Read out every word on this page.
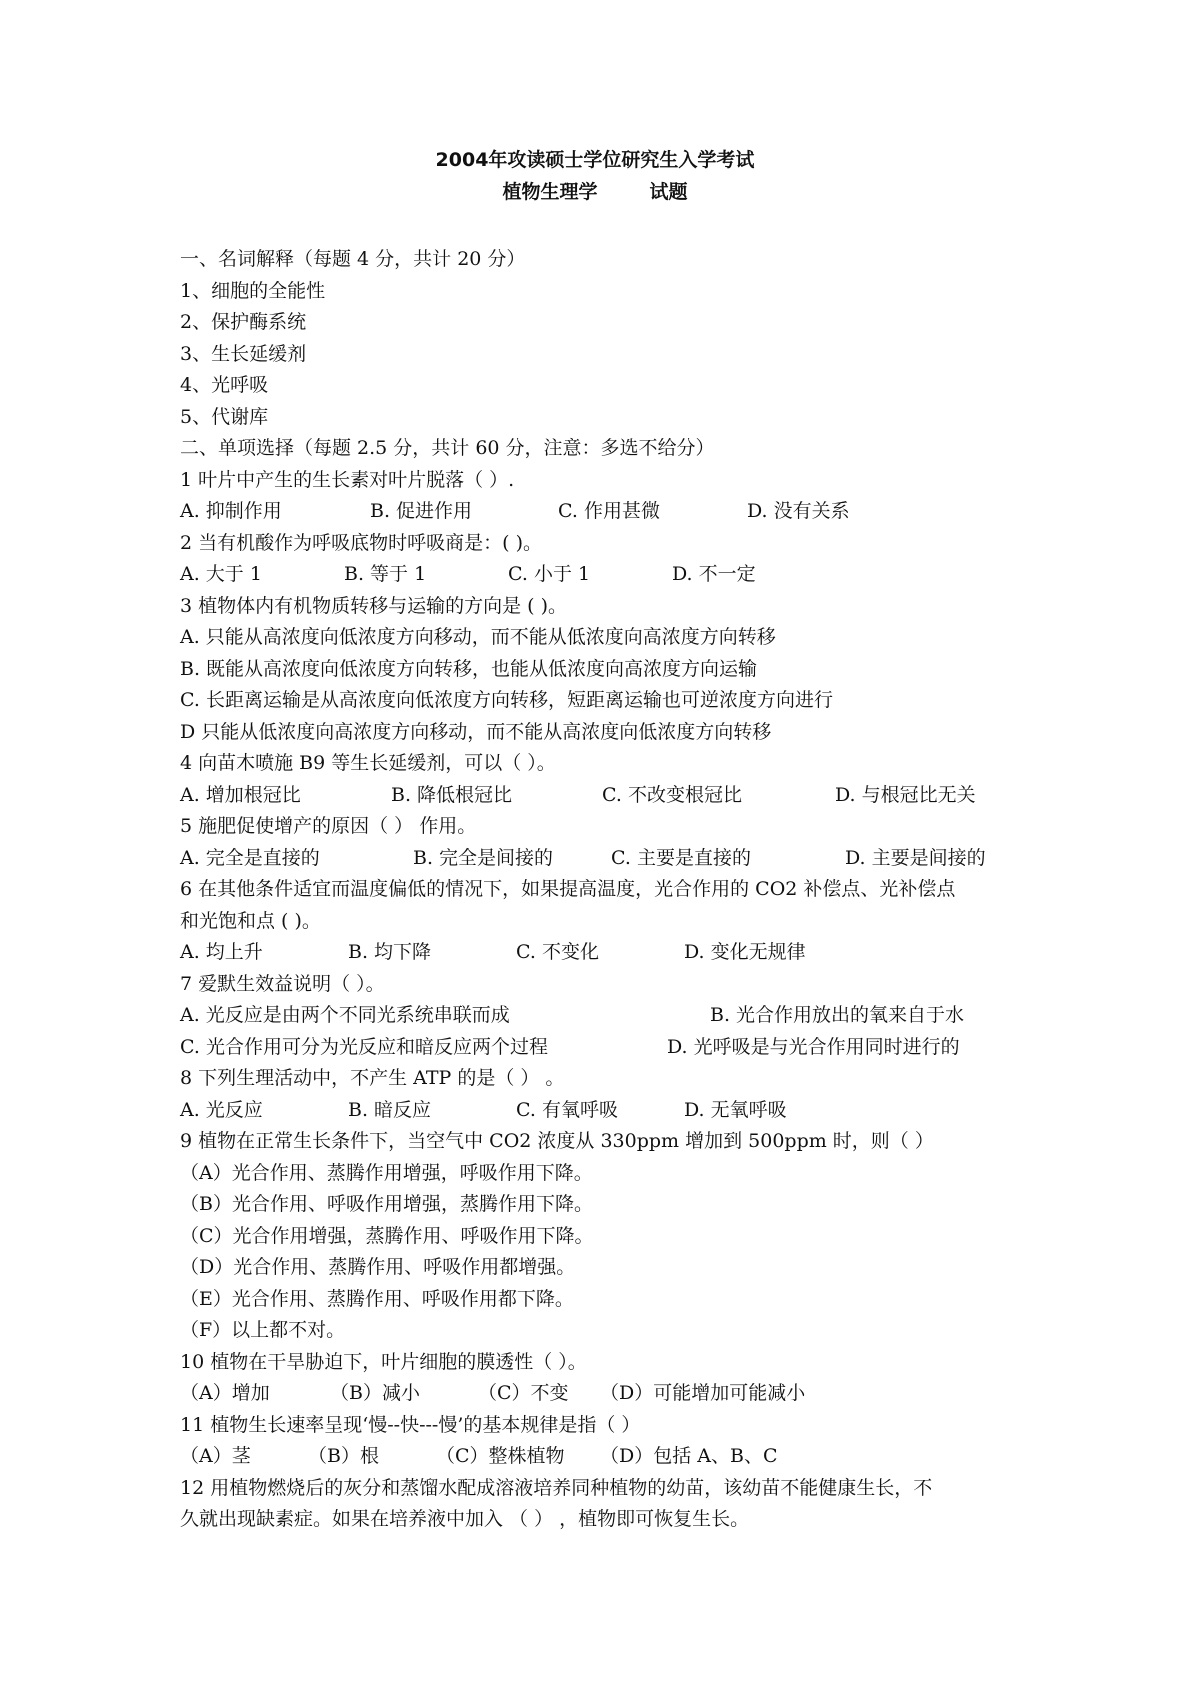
2004年攻读硕士学位研究生入学考试
植物生理学	试题
一、名词解释（每题 4 分，共计 20 分）
1、细胞的全能性
2、保护酶系统
3、生长延缓剂
4、光呼吸
5、代谢库
二、单项选择（每题 2.5 分，共计 60 分，注意：多选不给分）
1 叶片中产生的生长素对叶片脱落（ ）.
A. 抑制作用	B. 促进作用	C. 作用甚微	D. 没有关系
2 当有机酸作为呼吸底物时呼吸商是：( )。
A. 大于 1	B. 等于 1	C. 小于 1	D. 不一定
3 植物体内有机物质转移与运输的方向是 ( )。
A. 只能从高浓度向低浓度方向移动，而不能从低浓度向高浓度方向转移
B. 既能从高浓度向低浓度方向转移，也能从低浓度向高浓度方向运输
C. 长距离运输是从高浓度向低浓度方向转移，短距离运输也可逆浓度方向进行
D 只能从低浓度向高浓度方向移动，而不能从高浓度向低浓度方向转移
4 向苗木喷施 B9 等生长延缓剂，可以（ ）。
A. 增加根冠比	B. 降低根冠比	C. 不改变根冠比	D. 与根冠比无关
5 施肥促使增产的原因（ ） 作用。
A. 完全是直接的	B. 完全是间接的	C. 主要是直接的	D. 主要是间接的
6 在其他条件适宜而温度偏低的情况下，如果提高温度，光合作用的 CO2 补偿点、光补偿点
和光饱和点 ( )。
A. 均上升	B. 均下降	C. 不变化	D. 变化无规律
7 爱默生效益说明（ ）。
A. 光反应是由两个不同光系统串联而成	B. 光合作用放出的氧来自于水
C. 光合作用可分为光反应和暗反应两个过程	D. 光呼吸是与光合作用同时进行的
8 下列生理活动中，不产生 ATP 的是（ ） 。
A. 光反应	B. 暗反应	C. 有氧呼吸	D. 无氧呼吸
9 植物在正常生长条件下，当空气中 CO2 浓度从 330ppm 增加到 500ppm 时，则（ ）
（A）光合作用、蒸腾作用增强，呼吸作用下降。
（B）光合作用、呼吸作用增强，蒸腾作用下降。
（C）光合作用增强，蒸腾作用、呼吸作用下降。
（D）光合作用、蒸腾作用、呼吸作用都增强。
（E）光合作用、蒸腾作用、呼吸作用都下降。
（F）以上都不对。
10 植物在干旱胁迫下，叶片细胞的膜透性（ ）。
（A）增加	（B）减小	（C）不变 （D）可能增加可能减小
11 植物生长速率呈现‘慢--快---慢’的基本规律是指（ ）
（A）茎	（B）根	（C）整株植物 （D）包括 A、B、C
12 用植物燃烧后的灰分和蒸馏水配成溶液培养同种植物的幼苗，该幼苗不能健康生长，不
久就出现缺素症。如果在培养液中加入 （ ） ，植物即可恢复生长。
